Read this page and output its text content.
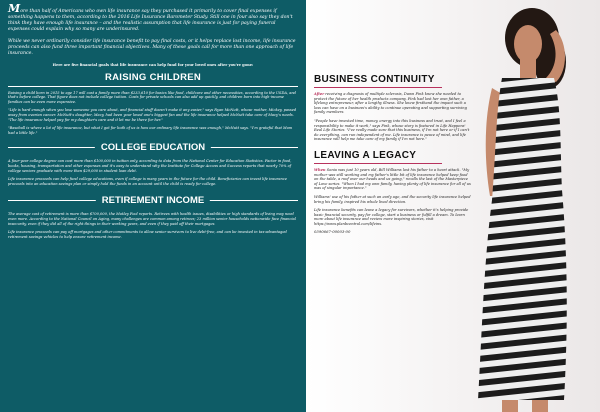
More than half of Americans who own life insurance say they purchased it primarily to cover final expenses if something happens to them, according to the 2016 Life Insurance Barometer Study. Still one in four also say they don't think they have enough life insurance – and the realistic assumption that life insurance is just for paying funeral expenses could explain why so many are underinsured.

While we never ordinarily consider life insurance benefit to pay final costs, or it helps replace lost income, life insurance proceeds can also fund three important financial objectives. Many of these goals call for more than one approach of life insurance.

Here are five financial goals that life insurance can help fund for your loved ones after you're gone:

RAISING CHILDREN

Raising a child born in 2015 to age 17 will cost a family more than $233,610 for basics like food, childcare and other necessities, according to the USDA, and that's before college. That figure does not include college tuition. Costs for private schools can also add up quickly, and children born into high-income families can be even more expensive.

"Life is hard enough when you lose someone you care about, and financial stuff doesn't make it any easier," says Ryan McNutt, whose mother, Mickey, passed away from ovarian cancer. McNutt's daughter, Macy, had been your loved one's biggest fan and the life insurance helped McNutt take care of Macy's needs. "The life insurance helped pay for my daughter's care and it let me be there for her."

"Baseball is where a lot of life insurance, but what I got for both of us is how our ordinary life insurance was enough," McNutt says. "I'm grateful that Mom had a little life."

COLLEGE EDUCATION

A four-year college degree can cost more than $100,000 in tuition only, according to data from the National Center for Education Statistics. Factor in food, books, housing, transportation and other expenses and it's easy to understand why the Institute for College Access and Success reports that nearly 70% of college seniors graduate with more than $29,000 in student loan debt.

Life insurance proceeds can help fund college educations, even if college is many years in the future for the child. Beneficiaries can invest life insurance proceeds into an education savings plan or simply hold the funds in an account until the child is ready for college.

RETIREMENT INCOME

The average cost of retirement is more than $700,000, the Motley Fool reports. Retirees with health issues, disabilities or high standards of living may need even more. According to the National Council on Aging, many challenges are common among retirees; 23 million senior households nationwide face financial insecurity, even if they did all of the right things in their working years, and even if they paid off their mortgages.

Life insurance proceeds can pay off mortgages and other commitments to allow senior survivors to live debt-free, and can be invested in tax-advantaged retirement savings vehicles to help ensure retirement income.

BUSINESS CONTINUITY

After receiving a diagnosis of multiple sclerosis, Dawn Fink knew she needed to protect the future of her health products company. Fink had lost her own father, a lifelong entrepreneur, after a lengthy illness. She knew firsthand the impact such a loss can have on a business's ability to continue operating and supporting surviving family members.

"People have invested time, money, energy into this business and trust, and I feel a responsibility to make it work," says Fink, whose story is featured in Life Happens' Real Life Stories. "I've really made sure that this business, if I'm not here or if I can't do everything, can run independent of me. Life insurance is peace of mind, and life insurance will help me take care of my family if I'm not here."

LEAVING A LEGACY

When Sonia was just 10 years old, Bill Williams lost his father to a heart attack. "My mother was still working and my father's little bit of life insurance helped keep food on the table, a roof over our heads and us going," recalls the last of the Masterpiece of Love series. "When I had my own family, having plenty of life insurance for all of us was of singular importance."

Williams' use of his father at such an early age, and the security life insurance helped bring his family, inspired his whole lived direction.

Life insurance benefits can leave a legacy for survivors, whether it's helping provide basic financial security, pay for college, start a business or fulfill a dream. To learn more about life insurance and review more inspiring stories, visit https://www.planbcentral.com/lifeins.

0390667-00003-00
